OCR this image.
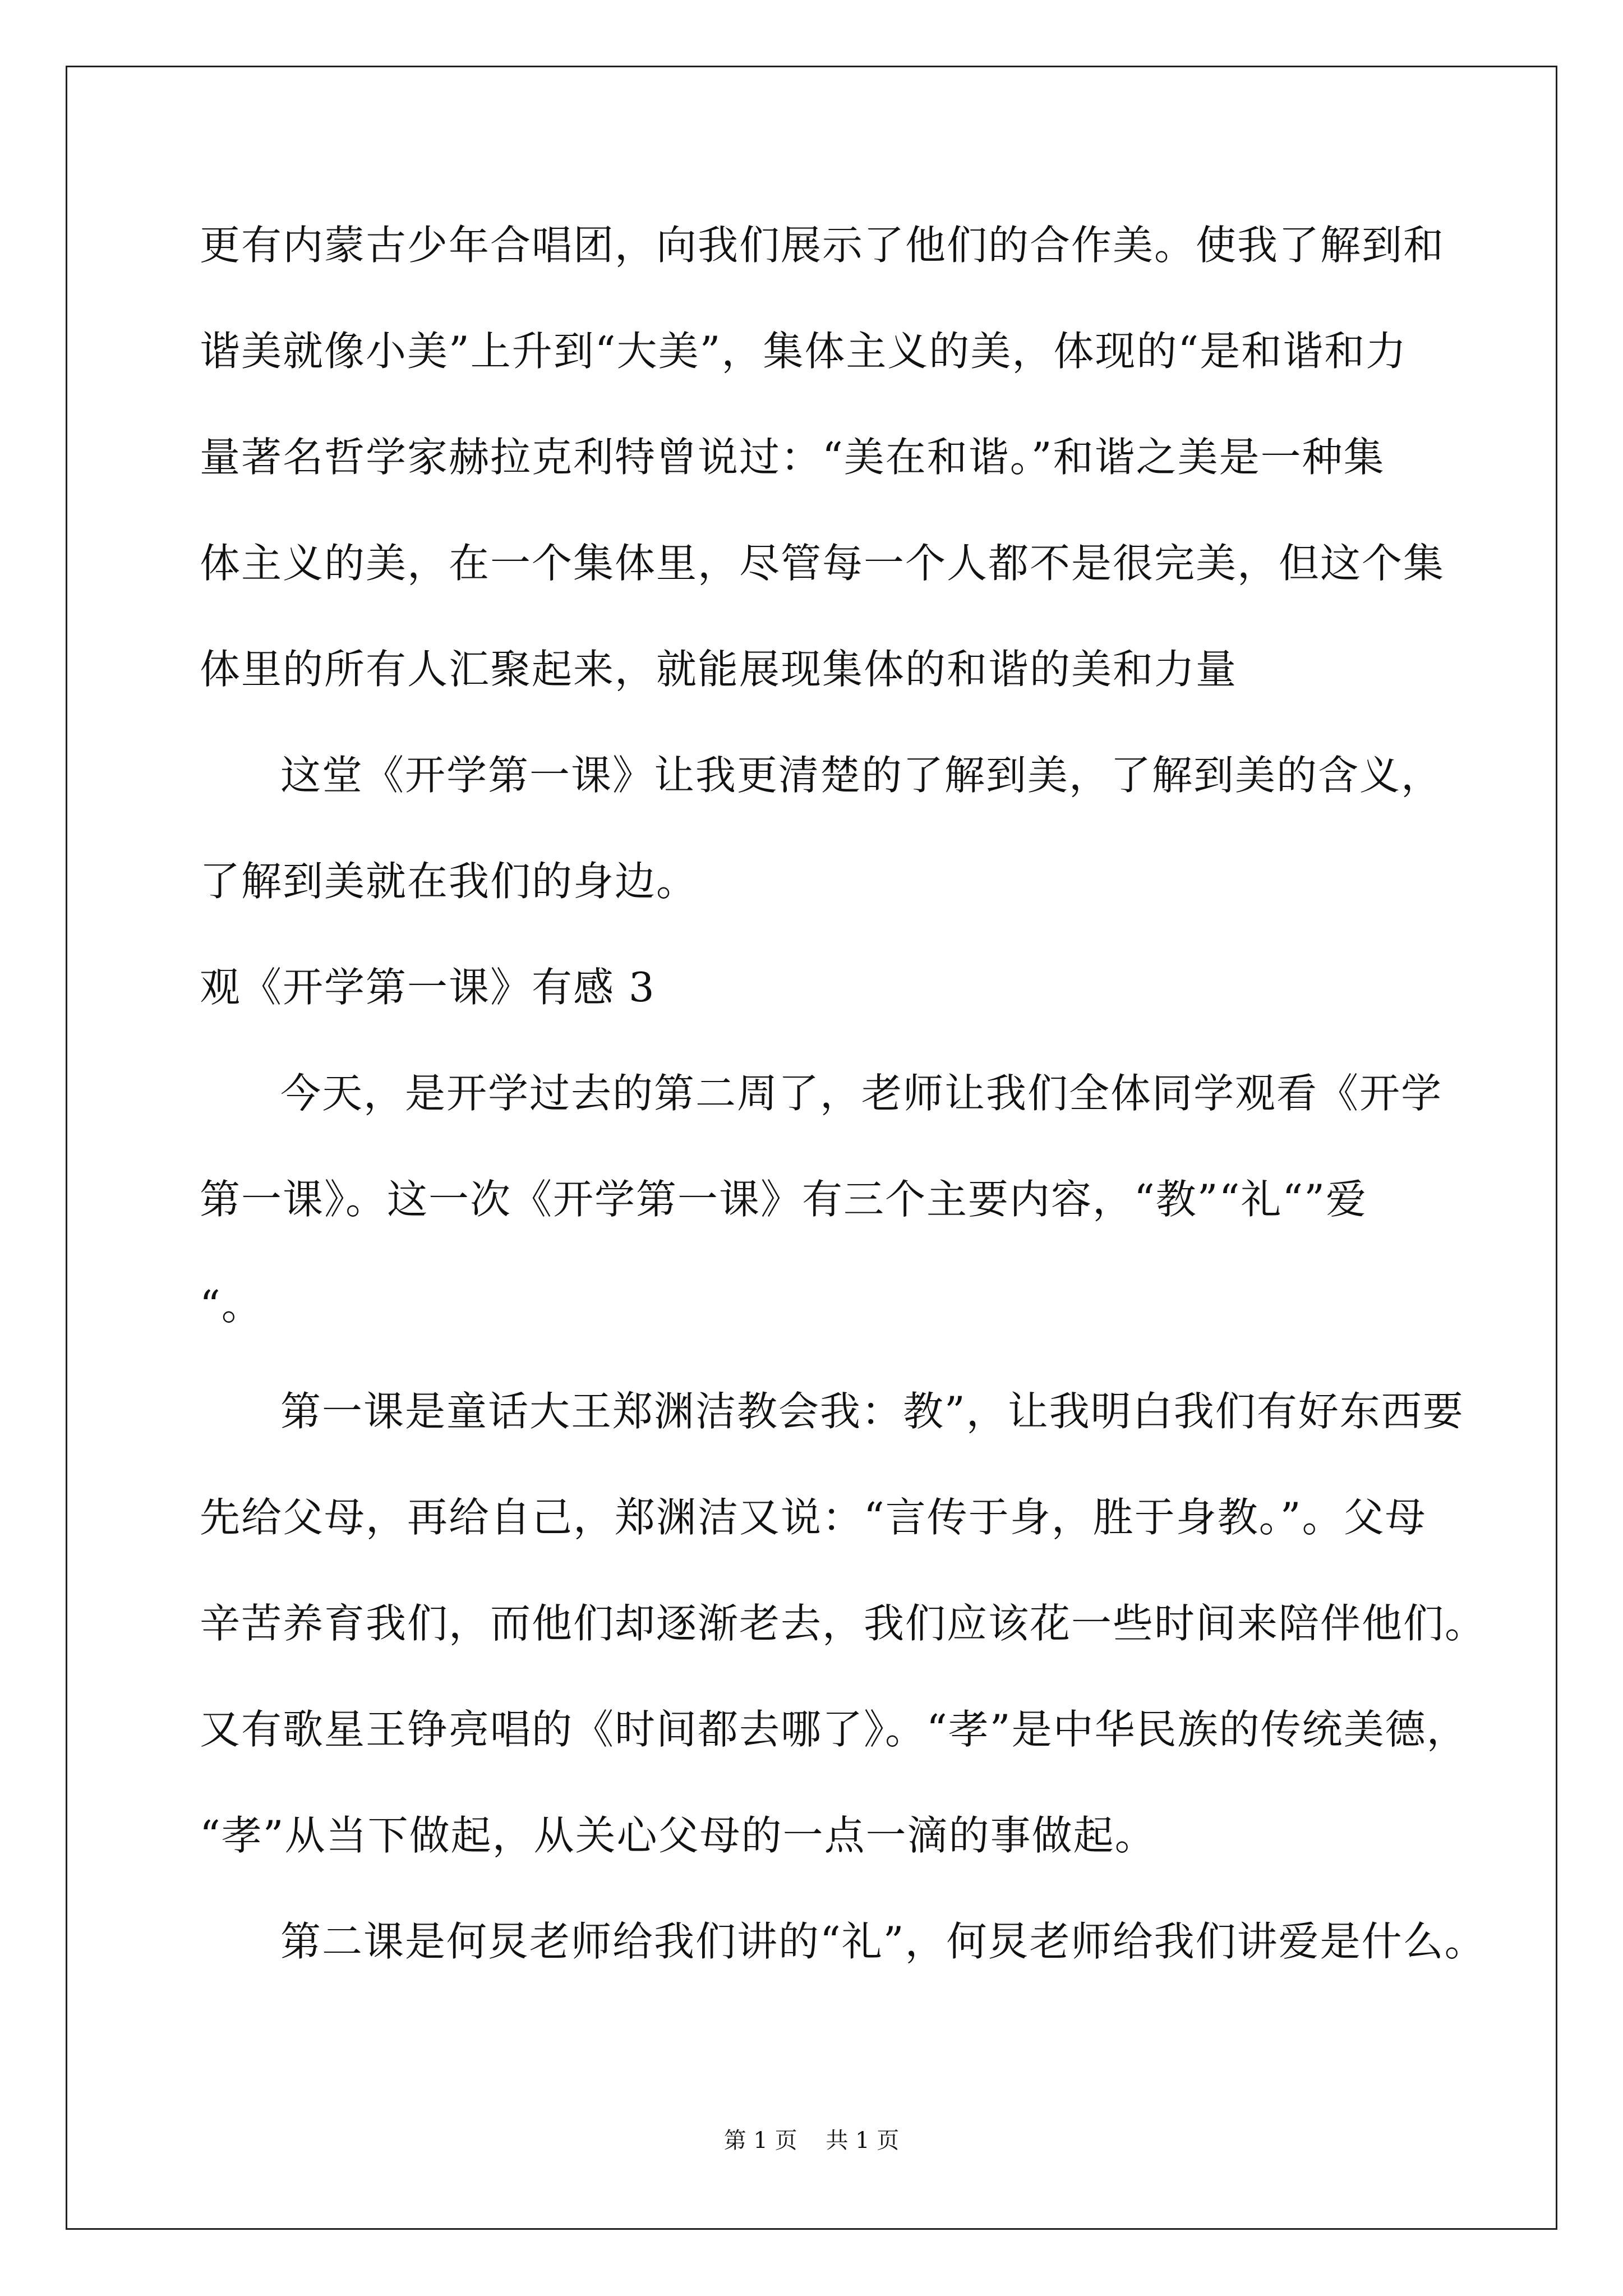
更有内蒙古少年合唱团，向我们展示了他们的合作美。使我了解到和
谐美就像小美”上升到“大美”，集体主义的美，体现的“是和谐和力
量著名哲学家赫拉克利特曾说过：“美在和谐。”和谐之美是一种集
体主义的美，在一个集体里，尽管每一个人都不是很完美，但这个集
体里的所有人汇聚起来，就能展现集体的和谐的美和力量
这堂《开学第一课》让我更清楚的了解到美，了解到美的含义，
了解到美就在我们的身边。
观《开学第一课》有感 3
今天，是开学过去的第二周了，老师让我们全体同学观看《开学
第一课》。这一次《开学第一课》有三个主要内容，“教”“礼“”爱
“。
第一课是童话大王郑渊洁教会我：教”，让我明白我们有好东西要
先给父母，再给自己，郑渊洁又说：“言传于身，胜于身教。”。父母
辛苦养育我们，而他们却逐渐老去，我们应该花一些时间来陪伴他们。
又有歌星王铮亮唱的《时间都去哪了》。“孝”是中华民族的传统美德，
“孝”从当下做起，从关心父母的一点一滴的事做起。
第二课是何炅老师给我们讲的“礼”，何炅老师给我们讲爱是什么。
第 1 页    共 1 页
